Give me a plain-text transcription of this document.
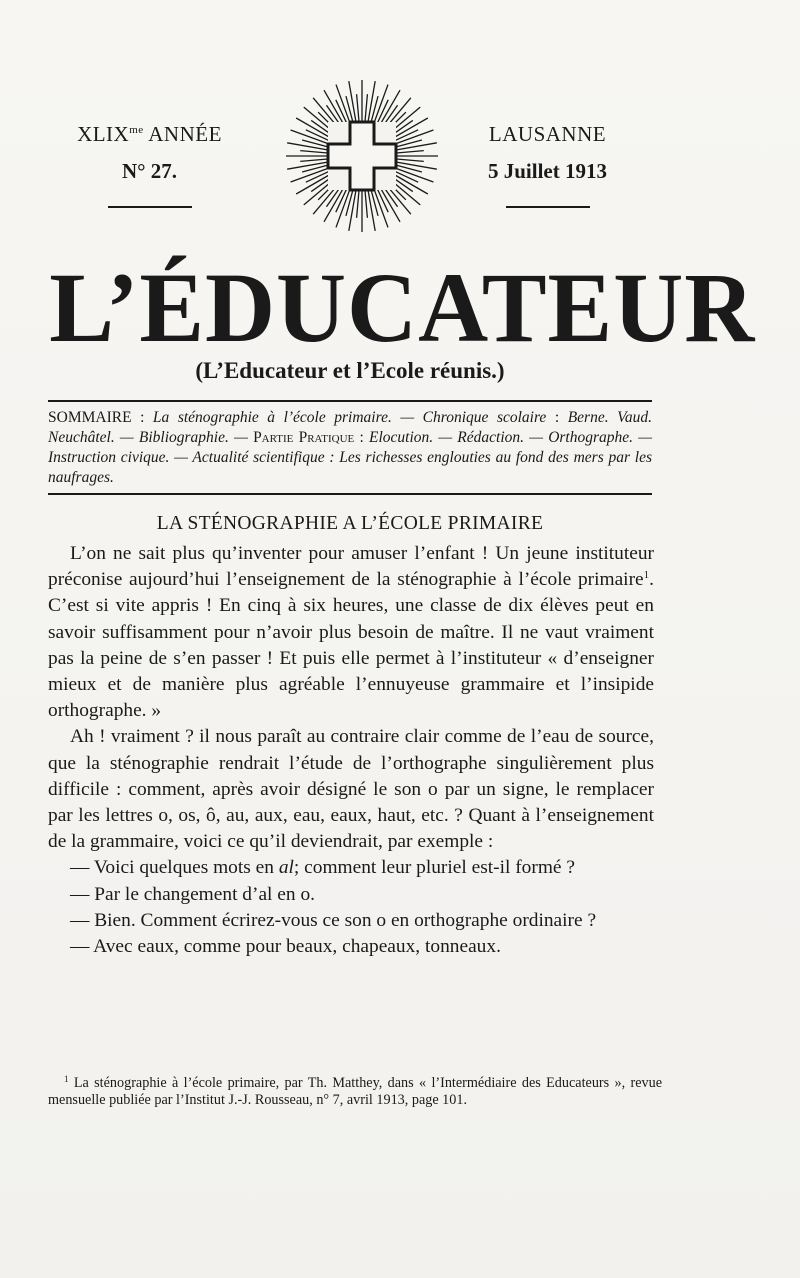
$XLIX^{me}$ ANNÉE
N° 27.
LAUSANNE
5 Juillet 1913
L’ÉDUCATEUR
(L’Educateur et l’Ecole réunis.)
SOMMAIRE : La sténographie à l’école primaire. — Chronique scolaire : Berne. Vaud. Neuchâtel. — Bibliographie. — Partie Pratique : Elocution. — Rédaction. — Orthographe. — Instruction civique. — Actualité scientifique : Les richesses englouties au fond des mers par les naufrages.
LA STÉNOGRAPHIE A L’ÉCOLE PRIMAIRE

L’on ne sait plus qu’inventer pour amuser l’enfant ! Un jeune instituteur préconise aujourd’hui l’enseignement de la sténographie à l’école primaire$^1$. C’est si vite appris ! En cinq à six heures, une classe de dix élèves peut en savoir suffisamment pour n’avoir plus besoin de maître. Il ne vaut vraiment pas la peine de s’en passer ! Et puis elle permet à l’instituteur « d’enseigner mieux et de manière plus agréable l’ennuyeuse grammaire et l’insipide orthographe. »

Ah ! vraiment ? il nous paraît au contraire clair comme de l’eau de source, que la sténographie rendrait l’étude de l’orthographe singulièrement plus difficile : comment, après avoir désigné le son o par un signe, le remplacer par les lettres o, os, ô, au, aux, eau, eaux, haut, etc. ? Quant à l’enseignement de la grammaire, voici ce qu’il deviendrait, par exemple :

— Voici quelques mots en al; comment leur pluriel est-il formé ?

— Par le changement d’al en o.

— Bien. Comment écrirez-vous ce son o en orthographe ordinaire ?

— Avec eaux, comme pour beaux, chapeaux, tonneaux.

$^1$ La sténographie à l’école primaire, par Th. Matthey, dans « l’Intermédiaire des Educateurs », revue mensuelle publiée par l’Institut J.-J. Rousseau, n° 7, avril 1913, page 101.
